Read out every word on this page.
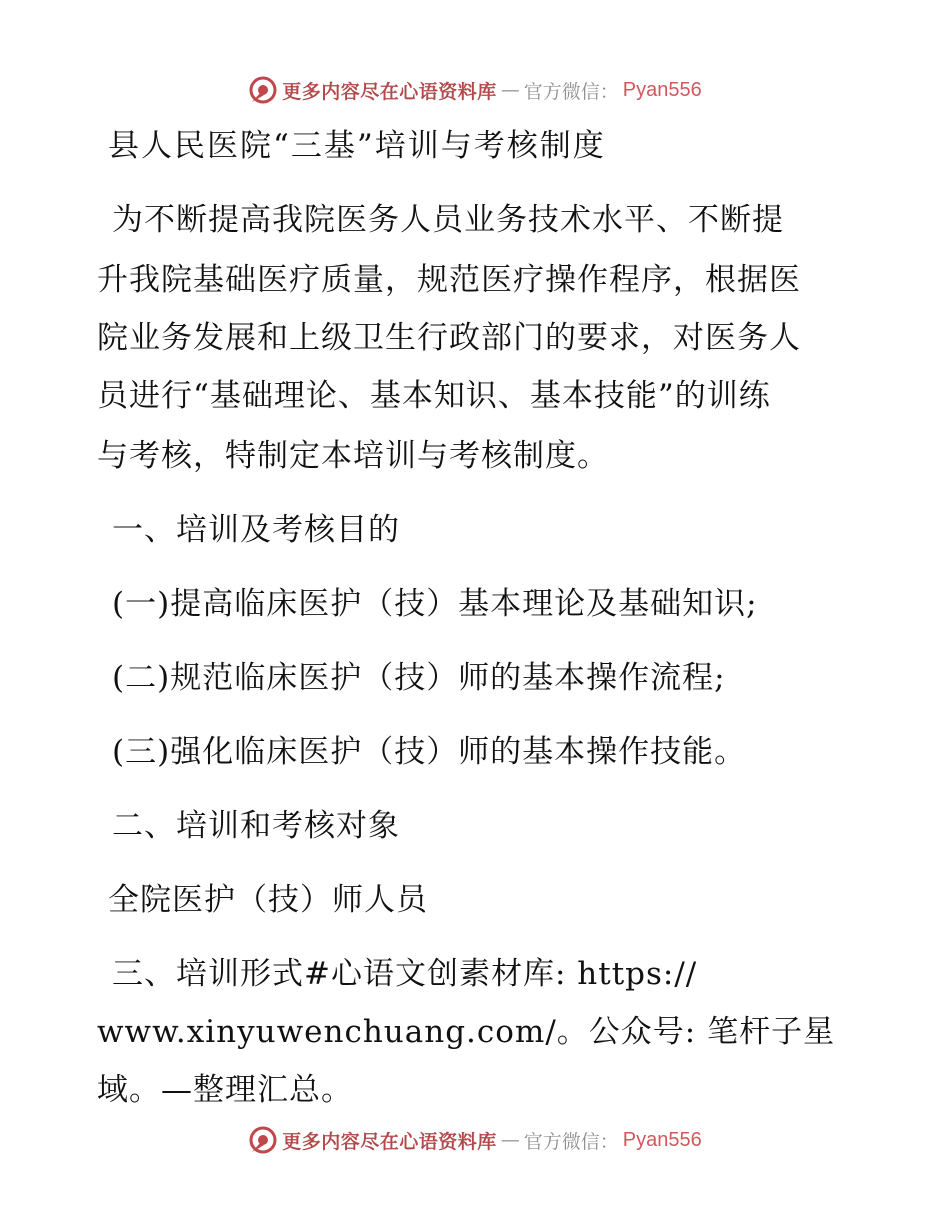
更多内容尽在心语资料库 — 官方微信： Pyan556
县人民医院“三基”培训与考核制度
为不断提高我院医务人员业务技术水平、不断提
升我院基础医疗质量，规范医疗操作程序，根据医
院业务发展和上级卫生行政部门的要求，对医务人
员进行“基础理论、基本知识、基本技能”的训练
与考核，特制定本培训与考核制度。
一、培训及考核目的
(一)提高临床医护（技）基本理论及基础知识;
(二)规范临床医护（技）师的基本操作流程;
(三)强化临床医护（技）师的基本操作技能。
二、培训和考核对象
全院医护（技）师人员
三、培训形式#心语文创素材库: https://
www.xinyuwenchuang.com/。公众号: 笔杆子星
域。—整理汇总。
更多内容尽在心语资料库 — 官方微信： Pyan556
